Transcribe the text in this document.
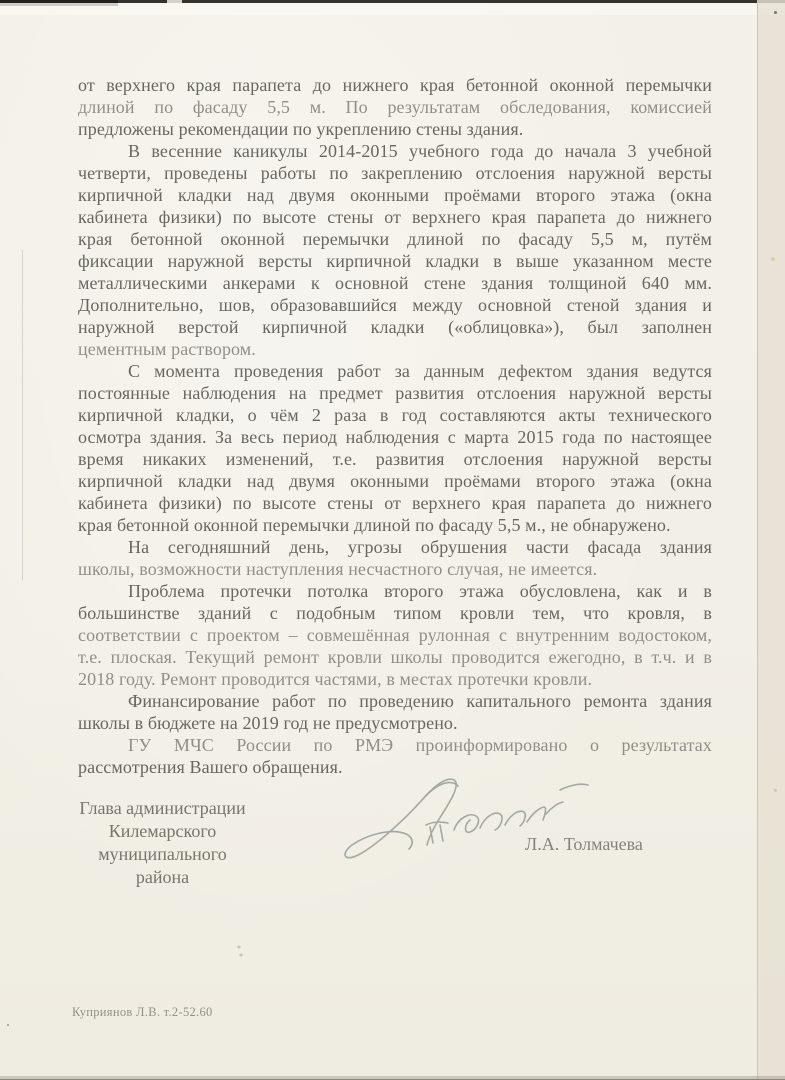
от верхнего края парапета до нижнего края бетонной оконной перемычки
длиной по фасаду 5,5 м. По результатам обследования, комиссией
предложены рекомендации по укреплению стены здания.
В весенние каникулы 2014-2015 учебного года до начала 3 учебной
четверти, проведены работы по закреплению отслоения наружной версты
кирпичной кладки над двумя оконными проёмами второго этажа (окна
кабинета физики) по высоте стены от верхнего края парапета до нижнего
края бетонной оконной перемычки длиной по фасаду 5,5 м, путём
фиксации наружной версты кирпичной кладки в выше указанном месте
металлическими анкерами к основной стене здания толщиной 640 мм.
Дополнительно, шов, образовавшийся между основной стеной здания и
наружной верстой кирпичной кладки («облицовка»), был заполнен
цементным раствором.
С момента проведения работ за данным дефектом здания ведутся
постоянные наблюдения на предмет развития отслоения наружной версты
кирпичной кладки, о чём 2 раза в год составляются акты технического
осмотра здания. За весь период наблюдения с марта 2015 года по настоящее
время никаких изменений, т.е. развития отслоения наружной версты
кирпичной кладки над двумя оконными проёмами второго этажа (окна
кабинета физики) по высоте стены от верхнего края парапета до нижнего
края бетонной оконной перемычки длиной по фасаду 5,5 м., не обнаружено.
На сегодняшний день, угрозы обрушения части фасада здания
школы, возможности наступления несчастного случая, не имеется.
Проблема протечки потолка второго этажа обусловлена, как и в
большинстве зданий с подобным типом кровли тем, что кровля, в
соответствии с проектом – совмешённая рулонная с внутренним водостоком,
т.е. плоская. Текущий ремонт кровли школы проводится ежегодно, в т.ч. и в
2018 году. Ремонт проводится частями, в местах протечки кровли.
Финансирование работ по проведению капитального ремонта здания
школы в бюджете на 2019 год не предусмотрено.
ГУ МЧС России по РМЭ проинформировано о результатах
рассмотрения Вашего обращения.
Глава администрации
Килемарского
муниципального района
Л.А. Толмачева
Куприянов Л.В. т.2-52.60
